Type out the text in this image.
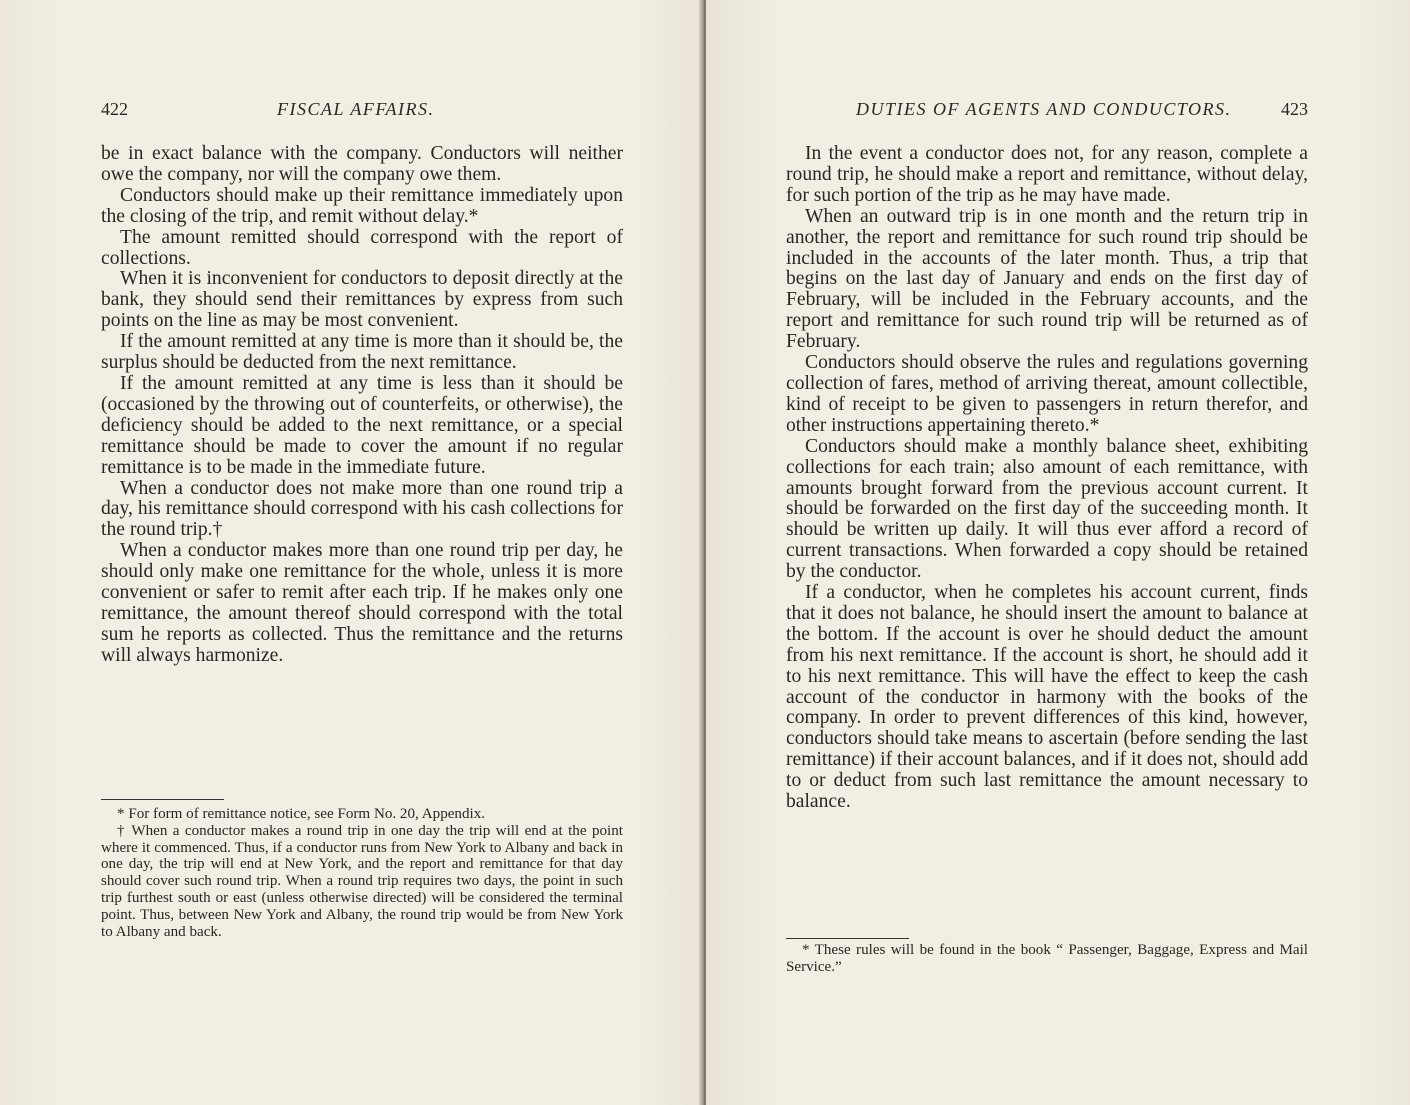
422	FISCAL AFFAIRS.

be in exact balance with the company. Conductors will neither owe the company, nor will the company owe them.

Conductors should make up their remittance immediately upon the closing of the trip, and remit without delay.*

The amount remitted should correspond with the report of collections.

When it is inconvenient for conductors to deposit directly at the bank, they should send their remittances by express from such points on the line as may be most convenient.

If the amount remitted at any time is more than it should be, the surplus should be deducted from the next remittance.

If the amount remitted at any time is less than it should be (occasioned by the throwing out of counterfeits, or otherwise), the deficiency should be added to the next remittance, or a special remittance should be made to cover the amount if no regular remittance is to be made in the immediate future.

When a conductor does not make more than one round trip a day, his remittance should correspond with his cash collections for the round trip.†

When a conductor makes more than one round trip per day, he should only make one remittance for the whole, unless it is more convenient or safer to remit after each trip. If he makes only one remittance, the amount thereof should correspond with the total sum he reports as collected. Thus the remittance and the returns will always harmonize.

* For form of remittance notice, see Form No. 20, Appendix.

† When a conductor makes a round trip in one day the trip will end at the point where it commenced. Thus, if a conductor runs from New York to Albany and back in one day, the trip will end at New York, and the report and remittance for that day should cover such round trip. When a round trip requires two days, the point in such trip furthest south or east (unless otherwise directed) will be considered the terminal point. Thus, between New York and Albany, the round trip would be from New York to Albany and back.

DUTIES OF AGENTS AND CONDUCTORS.	423

In the event a conductor does not, for any reason, complete a round trip, he should make a report and remittance, without delay, for such portion of the trip as he may have made.

When an outward trip is in one month and the return trip in another, the report and remittance for such round trip should be included in the accounts of the later month. Thus, a trip that begins on the last day of January and ends on the first day of February, will be included in the February accounts, and the report and remittance for such round trip will be returned as of February.

Conductors should observe the rules and regulations governing collection of fares, method of arriving thereat, amount collectible, kind of receipt to be given to passengers in return therefor, and other instructions appertaining thereto.*

Conductors should make a monthly balance sheet, exhibiting collections for each train; also amount of each remittance, with amounts brought forward from the previous account current. It should be forwarded on the first day of the succeeding month. It should be written up daily. It will thus ever afford a record of current transactions. When forwarded a copy should be retained by the conductor.

If a conductor, when he completes his account current, finds that it does not balance, he should insert the amount to balance at the bottom. If the account is over he should deduct the amount from his next remittance. If the account is short, he should add it to his next remittance. This will have the effect to keep the cash account of the conductor in harmony with the books of the company. In order to prevent differences of this kind, however, conductors should take means to ascertain (before sending the last remittance) if their account balances, and if it does not, should add to or deduct from such last remittance the amount necessary to balance.

* These rules will be found in the book “ Passenger, Baggage, Express and Mail Service.”
